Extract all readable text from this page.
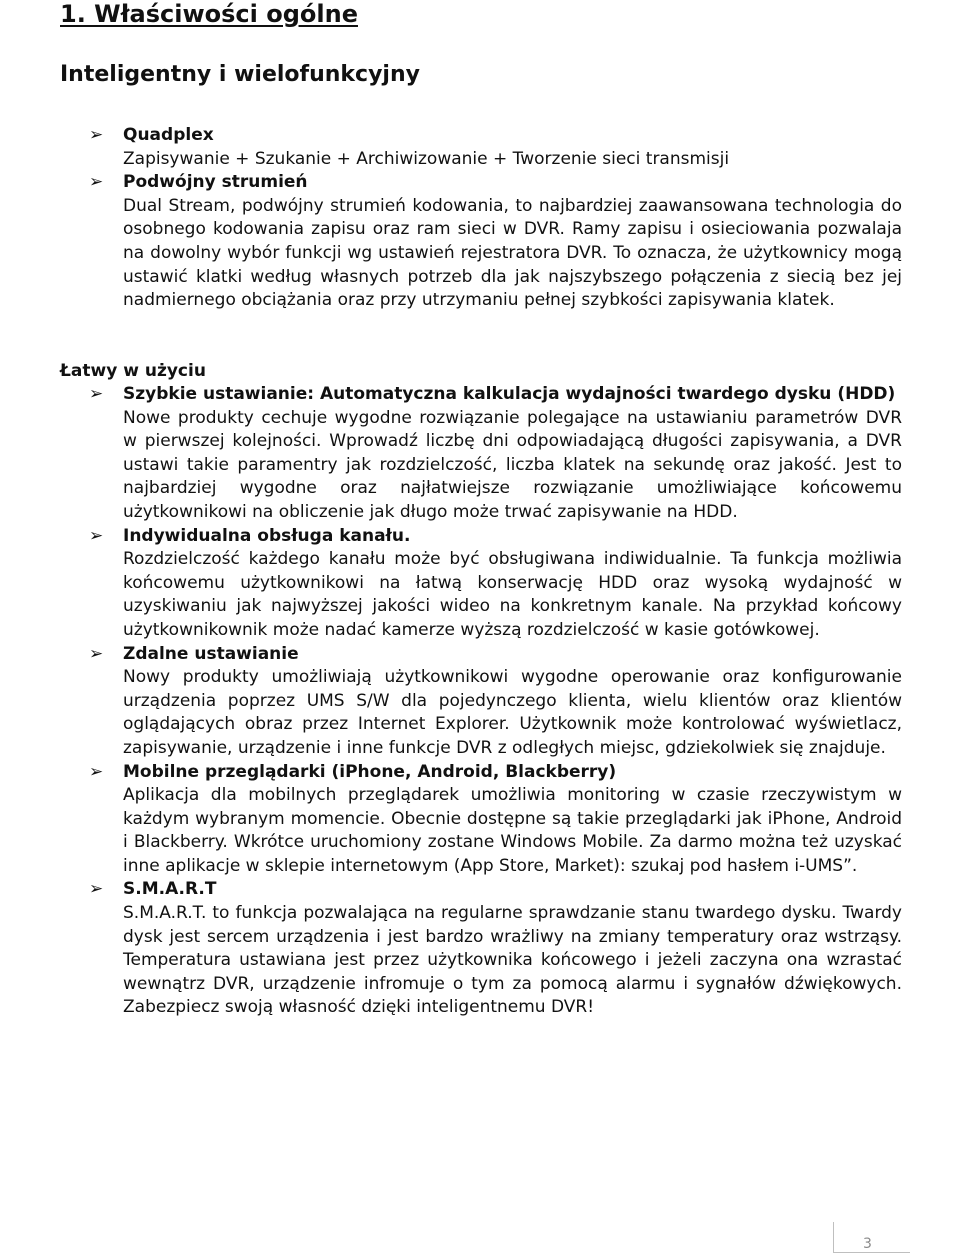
1. Właściwości ogólne
Inteligentny i wielofunkcyjny
➢ Quadplex

Zapisywanie + Szukanie + Archiwizowanie + Tworzenie sieci transmisji

➢ Podwójny strumień

Dual Stream, podwójny strumień kodowania, to najbardziej zaawansowana technologia do osobnego kodowania zapisu oraz ram sieci w DVR. Ramy zapisu i osieciowania pozwalaja na dowolny wybór funkcji wg ustawień rejestratora DVR. To oznacza, że użytkownicy mogą ustawić klatki według własnych potrzeb dla jak najszybszego połączenia z siecią bez jej nadmiernego obciążania oraz przy utrzymaniu pełnej szybkości zapisywania klatek.

Łatwy w użyciu

➢ Szybkie ustawianie: Automatyczna kalkulacja wydajności twardego dysku (HDD)

Nowe produkty cechuje wygodne rozwiązanie polegające na ustawianiu parametrów DVR w pierwszej kolejności. Wprowadź liczbę dni odpowiadającą długości zapisywania, a DVR ustawi takie paramentry jak rozdzielczość, liczba klatek na sekundę oraz jakość. Jest to najbardziej wygodne oraz najłatwiejsze rozwiązanie umożliwiające końcowemu użytkownikowi na obliczenie jak długo może trwać zapisywanie na HDD.

➢ Indywidualna obsługa kanału.

Rozdzielczość każdego kanału może być obsługiwana indiwidualnie. Ta funkcja możliwia końcowemu użytkownikowi na łatwą konserwację HDD oraz wysoką wydajność w uzyskiwaniu jak najwyższej jakości wideo na konkretnym kanale. Na przykład końcowy użytkownikownik może nadać kamerze wyższą rozdzielczość w kasie gotówkowej.

➢ Zdalne ustawianie

Nowy produkty umożliwiają użytkownikowi wygodne operowanie oraz konfigurowanie urządzenia poprzez UMS S/W dla pojedynczego klienta, wielu klientów oraz klientów oglądających obraz przez Internet Explorer. Użytkownik może kontrolować wyświetlacz, zapisywanie, urządzenie i inne funkcje DVR z odległych miejsc, gdziekolwiek się znajduje.

➢ Mobilne przeglądarki (iPhone, Android, Blackberry)

Aplikacja dla mobilnych przeglądarek umożliwia monitoring w czasie rzeczywistym w każdym wybranym momencie. Obecnie dostępne są takie przeglądarki jak iPhone, Android i Blackberry. Wkrótce uruchomiony zostane Windows Mobile. Za darmo można też uzyskać inne aplikacje w sklepie internetowym (App Store, Market): szukaj pod hasłem i-UMS”.

➢ S.M.A.R.T

S.M.A.R.T. to funkcja pozwalająca na regularne sprawdzanie stanu twardego dysku. Twardy dysk jest sercem urządzenia i jest bardzo wrażliwy na zmiany temperatury oraz wstrząsy. Temperatura ustawiana jest przez użytkownika końcowego i jeżeli zaczyna ona wzrastać wewnątrz DVR, urządzenie infromuje o tym za pomocą alarmu i sygnałów dźwiękowych. Zabezpiecz swoją własność dzięki inteligentnemu DVR!

3
